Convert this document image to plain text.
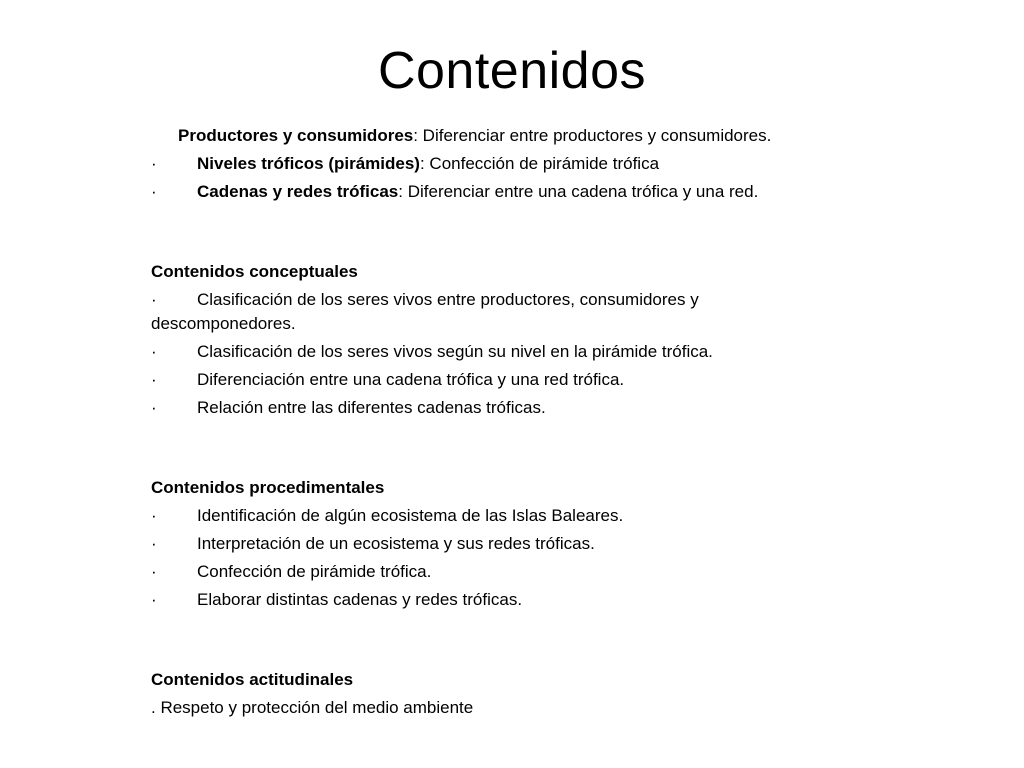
Contenidos
Productores y consumidores: Diferenciar entre productores y consumidores.
· Niveles tróficos (pirámides): Confección de pirámide trófica
· Cadenas y redes tróficas: Diferenciar entre una cadena trófica y una red.
Contenidos conceptuales
· Clasificación de los seres vivos entre productores, consumidores y descomponedores.
· Clasificación de los seres vivos según su nivel en la pirámide trófica.
· Diferenciación entre una cadena trófica y una red trófica.
· Relación entre las diferentes cadenas tróficas.
Contenidos procedimentales
· Identificación de algún ecosistema de las Islas Baleares.
· Interpretación de un ecosistema y sus redes tróficas.
· Confección de pirámide trófica.
· Elaborar distintas cadenas y redes tróficas.
Contenidos actitudinales
. Respeto y protección del medio ambiente
